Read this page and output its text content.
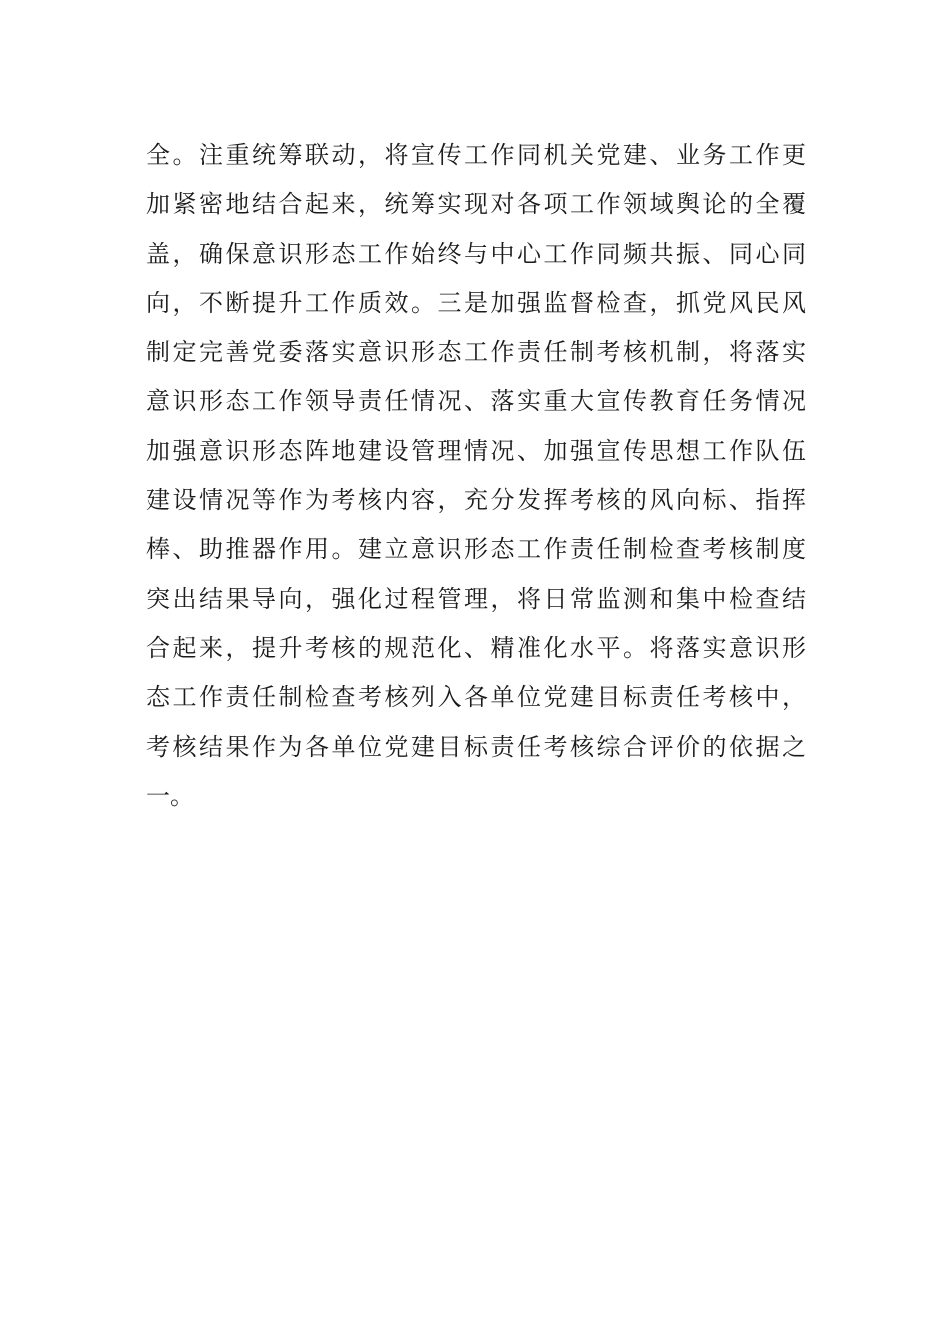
全 。 注 重 统 筹 联 动 ， 将 宣 传 工 作 同 机 关 党 建 、 业 务 工 作 更
加 紧 密 地 结 合 起 来 ， 统 筹 实 现 对 各 项 工 作 领 域 舆 论 的 全 覆
盖 ， 确 保 意 识 形 态 工 作 始 终 与 中 心 工 作 同 频 共 振 、 同 心 同
向 ， 不 断 提 升 工 作 质 效 。 三 是 加 强 监 督 检 查 ， 抓 党 风 民 风
制 定 完 善 党 委 落 实 意 识 形 态 工 作 责 任 制 考 核 机 制 ， 将 落 实
意 识 形 态 工 作 领 导 责 任 情 况 、 落 实 重 大 宣 传 教 育 任 务 情 况
加 强 意 识 形 态 阵 地 建 设 管 理 情 况 、 加 强 宣 传 思 想 工 作 队 伍
建 设 情 况 等 作 为 考 核 内 容 ， 充 分 发 挥 考 核 的 风 向 标 、 指 挥
棒 、 助 推 器 作 用 。 建 立 意 识 形 态 工 作 责 任 制 检 查 考 核 制 度
突 出 结 果 导 向 ， 强 化 过 程 管 理 ， 将 日 常 监 测 和 集 中 检 查 结
合 起 来 ， 提 升 考 核 的 规 范 化 、 精 准 化 水 平 。 将 落 实 意 识 形
态 工 作 责 任 制 检 查 考 核 列 入 各 单 位 党 建 目 标 责 任 考 核 中 ，
考 核 结 果 作 为 各 单 位 党 建 目 标 责 任 考 核 综 合 评 价 的 依 据 之
一 。
